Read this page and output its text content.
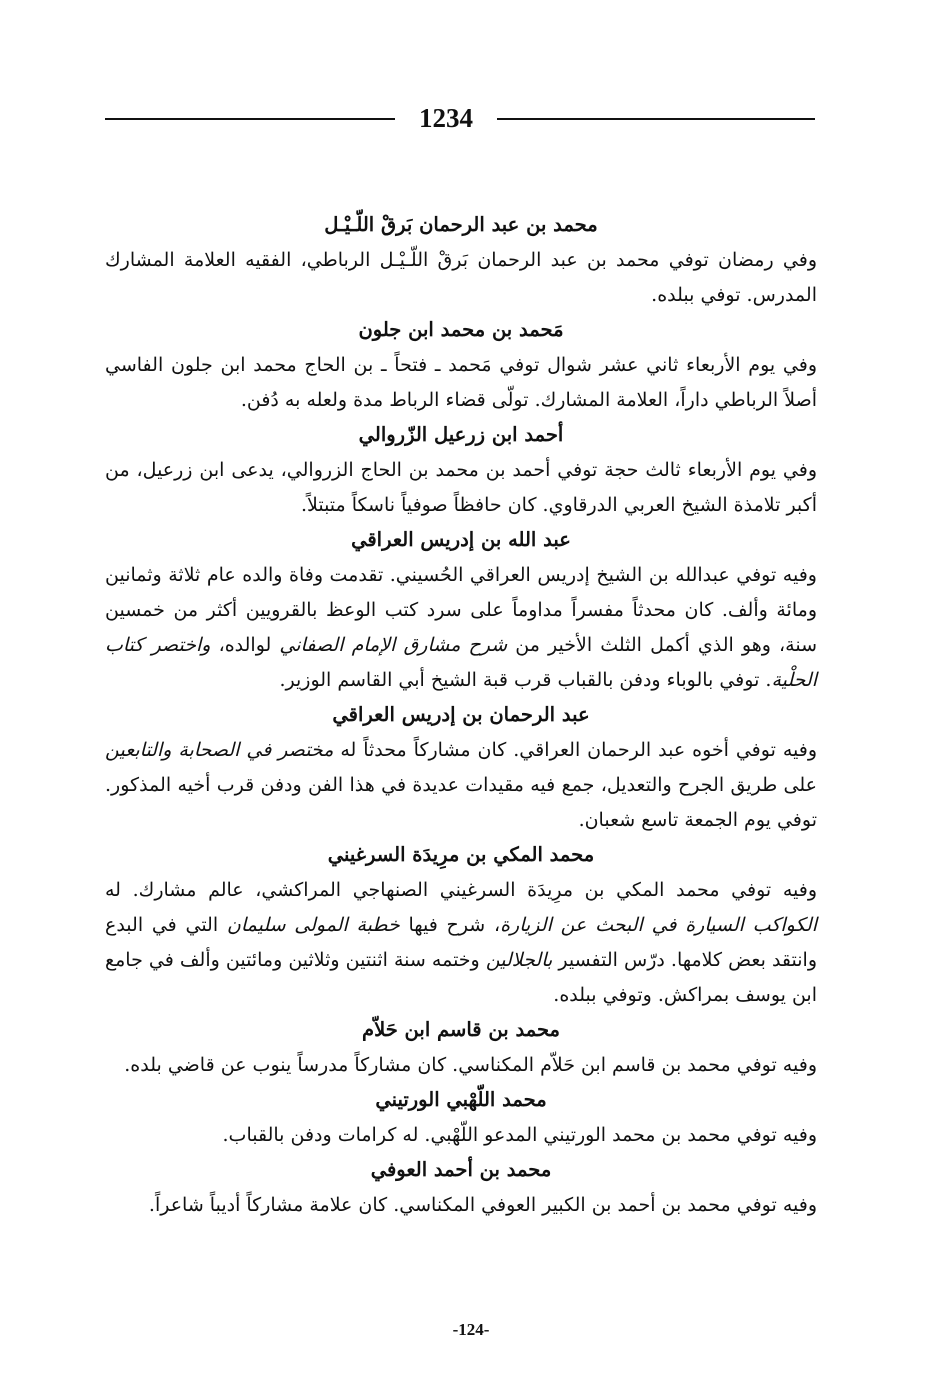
1234

محمد بن عبد الرحمان بَرقْ اللّـيْـل

وفي رمضان توفي محمد بن عبد الرحمان بَرقْ اللّـيْـل الرباطي، الفقيه العلامة المشارك المدرس. توفي ببلده.

مَحمد بن محمد ابن جلون

وفي يوم الأربعاء ثاني عشر شوال توفي مَحمد ـ فتحاً ـ بن الحاج محمد ابن جلون الفاسي أصلاً الرباطي داراً، العلامة المشارك. تولّى قضاء الرباط مدة ولعله به دُفن.

أحمد ابن زرعيل الزّروالي

وفي يوم الأربعاء ثالث حجة توفي أحمد بن محمد بن الحاج الزروالي، يدعى ابن زرعيل، من أكبر تلامذة الشيخ العربي الدرقاوي. كان حافظاً صوفياً ناسكاً متبتلاً.

عبد الله بن إدريس العراقي

وفيه توفي عبدالله بن الشيخ إدريس العراقي الحُسيني. تقدمت وفاة والده عام ثلاثة وثمانين ومائة وألف. كان محدثاً مفسراً مداوماً على سرد كتب الوعظ بالقرويين أكثر من خمسين سنة، وهو الذي أكمل الثلث الأخير من شرح مشارق الإمام الصفاني لوالده، واختصر كتاب الحلْية. توفي بالوباء ودفن بالقباب قرب قبة الشيخ أبي القاسم الوزير.

عبد الرحمان بن إدريس العراقي

وفيه توفي أخوه عبد الرحمان العراقي. كان مشاركاً محدثاً له مختصر في الصحابة والتابعين على طريق الجرح والتعديل، جمع فيه مقيدات عديدة في هذا الفن ودفن قرب أخيه المذكور. توفي يوم الجمعة تاسع شعبان.

محمد المكي بن مرِيدَة السرغيني

وفيه توفي محمد المكي بن مرِيدَة السرغيني الصنهاجي المراكشي، عالم مشارك. له الكواكب السيارة في البحث عن الزيارة، شرح فيها خطبة المولى سليمان التي في البدع وانتقد بعض كلامها. درّس التفسير بالجلالين وختمه سنة اثنتين وثلاثين ومائتين وألف في جامع ابن يوسف بمراكش. وتوفي ببلده.

محمد بن قاسم ابن حَلاّم

وفيه توفي محمد بن قاسم ابن حَلاّم المكناسي. كان مشاركاً مدرساً ينوب عن قاضي بلده.

محمد اللّهْبي الورتيني

وفيه توفي محمد بن محمد الورتيني المدعو اللّهْبي. له كرامات ودفن بالقباب.

محمد بن أحمد العوفي

وفيه توفي محمد بن أحمد بن الكبير العوفي المكناسي. كان علامة مشاركاً أديباً شاعراً.

-124-
